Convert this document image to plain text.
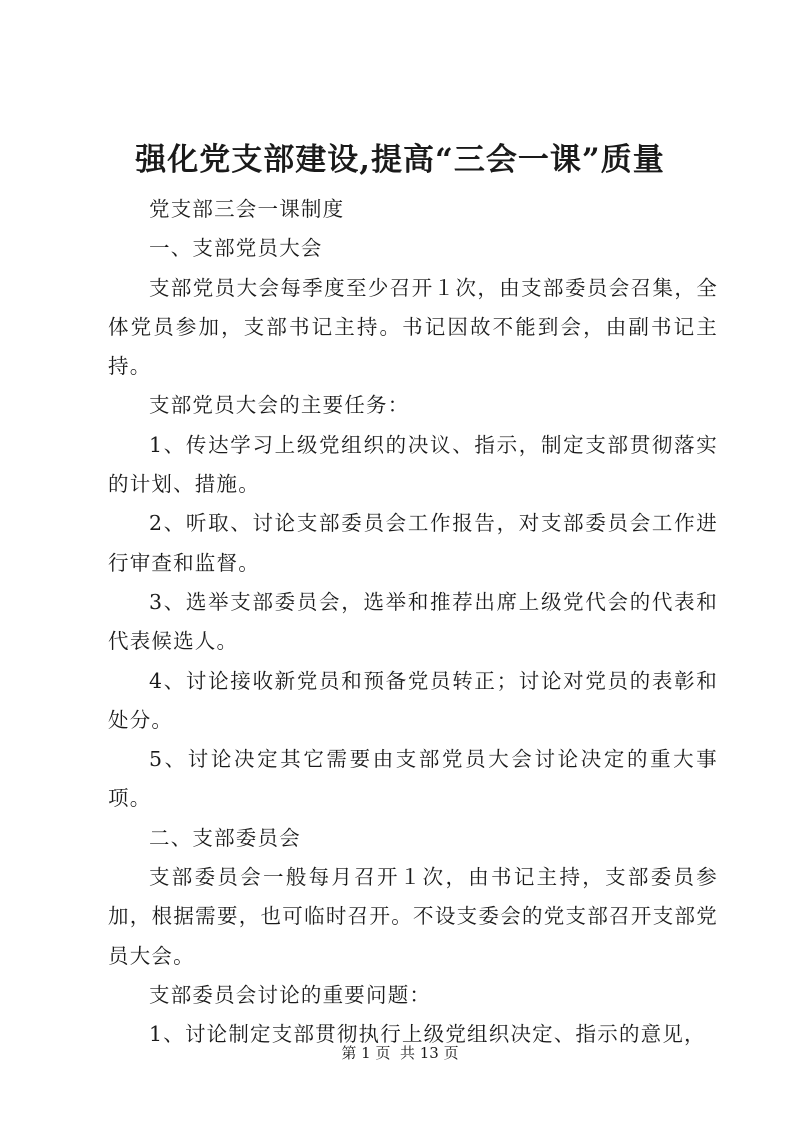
强化党支部建设,提高“三会一课”质量

党支部三会一课制度

一、支部党员大会

支部党员大会每季度至少召开１次，由支部委员会召集，全体党员参加，支部书记主持。书记因故不能到会，由副书记主持。

支部党员大会的主要任务：

1、传达学习上级党组织的决议、指示，制定支部贯彻落实的计划、措施。

2、听取、讨论支部委员会工作报告，对支部委员会工作进行审查和监督。

3、选举支部委员会，选举和推荐出席上级党代会的代表和代表候选人。

4、讨论接收新党员和预备党员转正；讨论对党员的表彰和处分。

5、讨论决定其它需要由支部党员大会讨论决定的重大事项。

二、支部委员会

支部委员会一般每月召开１次，由书记主持，支部委员参加，根据需要，也可临时召开。不设支委会的党支部召开支部党员大会。

支部委员会讨论的重要问题：

1、讨论制定支部贯彻执行上级党组织决定、指示的意见，

第 1 页  共 13 页
